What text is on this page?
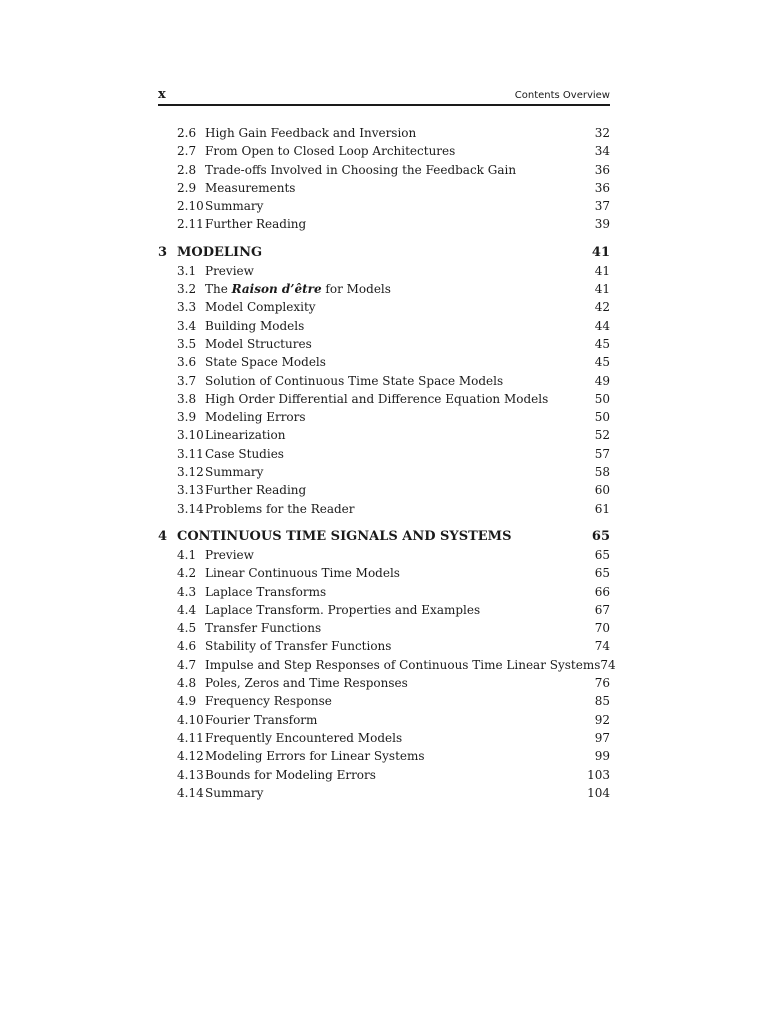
x	Contents Overview
2.6 High Gain Feedback and Inversion	32
2.7 From Open to Closed Loop Architectures	34
2.8 Trade-offs Involved in Choosing the Feedback Gain	36
2.9 Measurements	36
2.10 Summary	37
2.11 Further Reading	39
3 MODELING	41
3.1 Preview	41
3.2 The Raison d’être for Models	41
3.3 Model Complexity	42
3.4 Building Models	44
3.5 Model Structures	45
3.6 State Space Models	45
3.7 Solution of Continuous Time State Space Models	49
3.8 High Order Differential and Difference Equation Models	50
3.9 Modeling Errors	50
3.10 Linearization	52
3.11 Case Studies	57
3.12 Summary	58
3.13 Further Reading	60
3.14 Problems for the Reader	61
4 CONTINUOUS TIME SIGNALS AND SYSTEMS	65
4.1 Preview	65
4.2 Linear Continuous Time Models	65
4.3 Laplace Transforms	66
4.4 Laplace Transform. Properties and Examples	67
4.5 Transfer Functions	70
4.6 Stability of Transfer Functions	74
4.7 Impulse and Step Responses of Continuous Time Linear Systems 74
4.8 Poles, Zeros and Time Responses	76
4.9 Frequency Response	85
4.10 Fourier Transform	92
4.11 Frequently Encountered Models	97
4.12 Modeling Errors for Linear Systems	99
4.13 Bounds for Modeling Errors	103
4.14 Summary	104
